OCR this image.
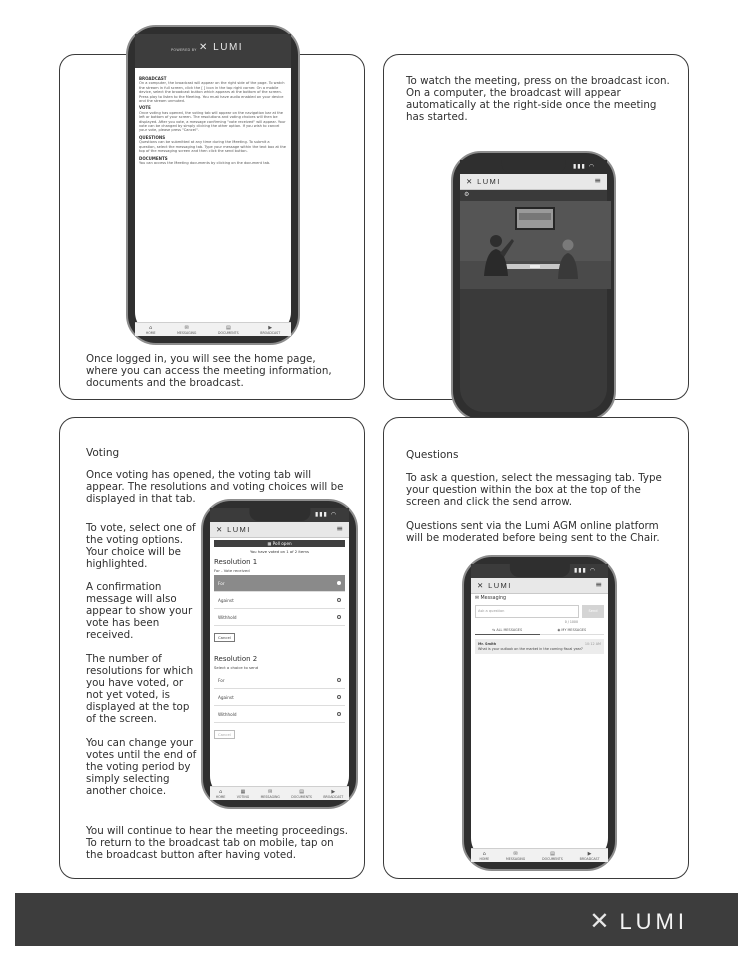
POWERED BY ✕ LUMI
BROADCAST
On a computer, the broadcast will appear on the right side of the page. To watch the stream in full screen, click the [ ] icon in the top right corner. On a mobile device, select the broadcast button which appears at the bottom of the screen. Press play to listen to the Meeting. You must have audio enabled on your device and the stream unmuted.
VOTE
Once voting has opened, the voting tab will appear on the navigation bar at the left or bottom of your screen. The resolutions and voting choices will then be displayed. After you vote, a message confirming "vote received" will appear. Your vote can be changed by simply clicking the other option. If you wish to cancel your vote, please press "Cancel".
QUESTIONS
Questions can be submitted at any time during the Meeting. To submit a question, select the messaging tab. Type your message within the text box at the top of the messaging screen and then click the send button.
DOCUMENTS
You can access the Meeting documents by clicking on the document tab.
⌂
HOME
✉
MESSAGING
▤
DOCUMENTS
▶
BROADCAST
Once logged in, you will see the home page, where you can access the meeting information, documents and the broadcast.
To watch the meeting, press on the broadcast icon. On a computer, the broadcast will appear automatically at the right-side once the meeting has started.
▮▮▮ ◠
✕ LUMI	≡
⚙
Voting
Once voting has opened, the voting tab will appear. The resolutions and voting choices will be displayed in that tab.
To vote, select one of the voting options. Your choice will be highlighted.
A confirmation message will also appear to show your vote has been received.
The number of resolutions for which you have voted, or not yet voted, is displayed at the top of the screen.
You can change your votes until the end of the voting period by simply selecting another choice.
▮▮▮ ◠
✕ LUMI	≡
▦ Poll open
You have voted on 1 of 2 items
Resolution 1
For - Vote received
For
Against
Withhold
Cancel
Resolution 2
Select a choice to send
For
Against
Withhold
Cancel
⌂
HOME
▦
VOTING
✉
MESSAGING
▤
DOCUMENTS
▶
BROADCAST
You will continue to hear the meeting proceedings. To return to the broadcast tab on mobile, tap on the broadcast button after having voted.
Questions
To ask a question, select the messaging tab. Type your question within the box at the top of the screen and click the send arrow.
Questions sent via the Lumi AGM online platform will be moderated before being sent to the Chair.
▮▮▮ ◠
✕ LUMI	≡
✉ Messaging
Ask a question	Send
0 / 1000
⇆ ALL MESSAGES	◉ MY MESSAGES
Mr. Smith	10:12 AM
What is your outlook on the market in the coming fiscal year?
⌂
HOME
✉
MESSAGING
▤
DOCUMENTS
▶
BROADCAST
✕ LUMI
